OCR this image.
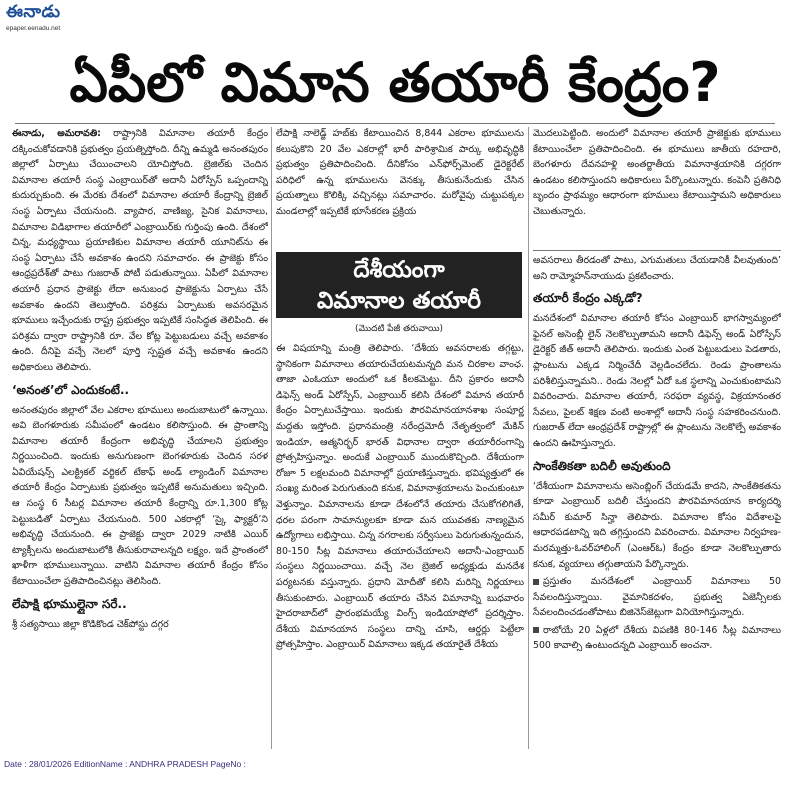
ఈనాడు
epaper.eenadu.net
ఏపీలో విమాన తయారీ కేంద్రం?

ఈనాడు, అమరావతి: రాష్ట్రానికి విమానాల తయారీ కేంద్రం దక్కించుకోవడానికి ప్రభుత్వం ప్రయత్నిస్తోంది. దీన్ని ఉమ్మడి అనంతపురం జిల్లాలో ఏర్పాటు చేయించాలని యోచిస్తోంది. బ్రెజిల్‌కు చెందిన విమానాల తయారీ సంస్థ ఎంబ్రాయిర్‌తో అదానీ ఏరోస్పేస్ ఒప్పందాన్ని కుదుర్చుకుంది. ఈ మేరకు దేశంలో విమానాల తయారీ కేంద్రాన్ని బ్రెజిల్ సంస్థ ఏర్పాటు చేయనుంది. వ్యాపార, వాణిజ్య, సైనిక విమానాలు, విమానాల విడిభాగాల తయారీలో ఎంబ్రాయిర్‌కు గుర్తింపు ఉంది. దేశంలో చిన్న, మధ్యస్థాయి ప్రయాణికుల విమానాల తయారీ యూనిట్‌ను ఈ సంస్థ ఏర్పాటు చేసే అవకాశం ఉందని సమాచారం. ఈ ప్రాజెక్టు కోసం ఆంధ్రప్రదేశ్‌తో పాటు గుజరాత్ పోటీ పడుతున్నాయి. ఏపీలో విమానాల తయారీ ప్రధాన ప్రాజెక్టు లేదా అనుబంధ ప్రాజెక్టును ఏర్పాటు చేసే అవకాశం ఉందని తెలుస్తోంది. పరిశ్రమ ఏర్పాటుకు అవసరమైన భూములు ఇచ్చేందుకు రాష్ట్ర ప్రభుత్వం ఇప్పటికే సంసిద్ధత తెలిపింది. ఈ పరిశ్రమ ద్వారా రాష్ట్రానికి రూ. వేల కోట్ల పెట్టుబడులు వచ్చే అవకాశం ఉంది. దీనిపై వచ్చే నెలలో పూర్తి స్పష్టత వచ్చే అవకాశం ఉందని అధికారులు తెలిపారు.

‘అనంత’లో ఎందుకంటే..

అనంతపురం జిల్లాలో వేల ఎకరాల భూములు అందుబాటులో ఉన్నాయి. అవి బెంగళూరుకు సమీపంలో ఉండటం కలిసొస్తుంది. ఈ ప్రాంతాన్ని విమానాల తయారీ కేంద్రంగా అభివృద్ధి చేయాలని ప్రభుత్వం నిర్ణయించింది. ఇందుకు అనుగుణంగా బెంగళూరుకు చెందిన సరళ ఏవియేషన్స్ ఎలక్ట్రికల్ వర్టికల్ టేకాఫ్ అండ్ ల్యాండింగ్ విమానాల తయారీ కేంద్రం ఏర్పాటుకు ప్రభుత్వం ఇప్పటికే అనుమతులు ఇచ్చింది. ఆ సంస్థ 6 సీటర్ల విమానాల తయారీ కేంద్రాన్ని రూ.1,300 కోట్ల పెట్టుబడితో ఏర్పాటు చేయనుంది. 500 ఎకరాల్లో ‘స్కై ఫ్యాక్టరీ’ని అభివృద్ధి చేయనుంది. ఈ ప్రాజెక్టు ద్వారా 2029 నాటికి ఎయిర్ ట్యాక్సీలను అందుబాటులోకి తీసుకురావాలన్నది లక్ష్యం. ఇదే ప్రాంతంలో ఖాళీగా భూములున్నాయి. వాటిని విమానాల తయారీ కేంద్రం కోసం కేటాయించేలా ప్రతిపాదించినట్లు తెలిసింది.

లేపాక్షి భూముల్లైనా సరే..

శ్రీ సత్యసాయి జిల్లా కొడికొండ చెక్‌పోస్టు దగ్గర

లేపాక్షి నాలెడ్జ్ హబ్‌కు కేటాయించిన 8,844 ఎకరాల భూములను కలుపుకొని 20 వేల ఎకరాల్లో భారీ పారిశ్రామిక పార్కు అభివృద్ధికి ప్రభుత్వం ప్రతిపాదించింది. దీనికోసం ఎన్‌ఫోర్స్‌మెంట్ డైరెక్టరేట్ పరిధిలో ఉన్న భూములను వెనక్కు తీసుకునేందుకు చేసిన ప్రయత్నాలు కొలిక్కి వచ్చినట్లు సమాచారం. మరోవైపు చుట్టుపక్కల మండలాల్లో ఇప్పటికే భూసేకరణ ప్రక్రియ

దేశీయంగా
విమానాల తయారీ
(మొదటి పేజీ తరువాయి)

ఈ విషయాన్ని మంత్రి తెలిపారు. ‘దేశీయ అవసరాలకు తగ్గట్టు, స్థానికంగా విమానాలు తయారుచేయటమన్నది మన చిరకాల వాంఛ. తాజా ఎంఓయూ అందులో ఒక కీలకమెట్టు. దీని ప్రకారం అదానీ డిఫెన్స్ అండ్ ఏరోస్పేస్, ఎంబ్రాయిర్ కలిసి దేశంలో విమాన తయారీ కేంద్రం ఏర్పాటుచేస్తాయి. ఇందుకు పౌరవిమానయానశాఖ సంపూర్ణ మద్దతు ఇస్తోంది. ప్రధానమంత్రి నరేంద్రమోదీ నేతృత్వంలో మేకిన్ ఇండియా, ఆత్మనిర్భర్ భారత్ విధానాల ద్వారా తయారీరంగాన్ని ప్రోత్సహిస్తున్నాం. అందుకే ఎంబ్రాయిర్ ముందుకొచ్చింది. దేశీయంగా రోజూ 5 లక్షలమంది విమానాల్లో ప్రయాణిస్తున్నారు. భవిష్యత్తులో ఈ సంఖ్య మరింత పెరుగుతుంది కనుక, విమానాశ్రయాలను పెంచుకుంటూ వెళ్తున్నాం. విమానాలను కూడా దేశంలోనే తయారు చేసుకోగలిగితే, ధరల పరంగా సామాన్యులకూ కూడా మన యువతకు నాణ్యమైన ఉద్యోగాలు లభిస్తాయి. చిన్న నగరాలకు సర్వీసులు పెరుగుతున్నందున, 80-150 సీట్ల విమానాలు తయారుచేయాలని అదానీ-ఎంబ్రాయిర్ సంస్థలు నిర్ణయించాయి. వచ్చే నెల బ్రెజిల్ అధ్యక్షుడు మనదేశ పర్యటనకు వస్తున్నారు. ప్రధాని మోదీతో కలిసి మరిన్ని నిర్ణయాలు తీసుకుంటారు. ఎంబ్రాయిర్ తయారు చేసిన విమానాన్ని బుధవారం హైదరాబాద్‌లో ప్రారంభమయ్యే వింగ్స్ ఇండియాషోలో ప్రదర్శిస్తాం. దేశీయ విమానయాన సంస్థలు దాన్ని చూసి, ఆర్డర్లు పెట్టేలా ప్రోత్సహిస్తాం. ఎంబ్రాయిర్ విమానాలు ఇక్కడ తయారైతే దేశీయ

మొదలుపెట్టింది. అందులో విమానాల తయారీ ప్రాజెక్టుకు భూములు కేటాయించేలా ప్రతిపాదించింది. ఈ భూములు జాతీయ రహదారి, బెంగళూరు దేవనహళ్లి అంతర్జాతీయ విమానాశ్రయానికి దగ్గరగా ఉండటం కలిసొస్తుందని అధికారులు పేర్కొంటున్నారు. కంపెనీ ప్రతినిధి బృందం ప్రాథమ్యం ఆధారంగా భూములు కేటాయిస్తామని అధికారులు చెబుతున్నారు.

అవసరాలు తీరడంతో పాటు, ఎగుమతులు చేయడానికీ వీలవుతుంది’ అని రామ్మోహన్‌నాయుడు ప్రకటించారు.

తయారీ కేంద్రం ఎక్కడో?

మనదేశంలో విమానాల తయారీ కోసం ఎంబ్రాయిర్ భాగస్వామ్యంలో ఫైనల్ అసెంబ్లీ లైన్ నెలకొల్పుతామని అదానీ డిఫెన్స్ అండ్ ఏరోస్పేస్ డైరెక్టర్ జీత్ అదానీ తెలిపారు. ఇందుకు ఎంత పెట్టుబడులు పెడతారు, ప్లాంటును ఎక్కడ నిర్మించేదీ వెల్లడించలేదు. రెండు ప్రాంతాలను పరిశీలిస్తున్నామని.. రెండు నెలల్లో ఏదో ఒక స్థలాన్ని ఎంచుకుంటామని వివరించారు. విమానాల తయారీ, సరఫరా వ్యవస్థ, విక్రయానంతర సేవలు, పైలట్ శిక్షణ వంటి అంశాల్లో అదానీ సంస్థ సహకరించనుంది. గుజరాత్ లేదా ఆంధ్రప్రదేశ్ రాష్ట్రాల్లో ఈ ప్లాంటును నెలకొల్పే అవకాశం ఉందని ఊహిస్తున్నారు.

సాంకేతికతా బదిలీ అవుతుంది

‘దేశీయంగా విమానాలను అసెంబ్లింగ్ చేయడమే కాదని, సాంకేతికతను కూడా ఎంబ్రాయిర్ బదిలీ చేస్తుందని పౌరవిమానయాన కార్యదర్శి సమీర్ కుమార్ సిన్హా తెలిపారు. విమానాల కోసం విదేశాలపై ఆధారపడటాన్ని ఇది తగ్గిస్తుందని వివరించారు. విమానాల నిర్వహణ-మరమ్మత్తు-ఓవర్‌హాలింగ్ (ఎంఆర్‌ఓ) కేంద్రం కూడా నెలకొల్పుతారు కనుక, వ్యయాలు తగ్గుతాయని పేర్కొన్నారు.

ప్రస్తుతం మనదేశంలో ఎంబ్రాయిర్ విమానాలు 50 సేవలందిస్తున్నాయి. వైమానికదళం, ప్రభుత్వ ఏజెన్సీలకు సేవలందించడంతోపాటు బిజినెస్‌జెట్లుగా వినియోగిస్తున్నారు.

రాబోయే 20 ఏళ్లలో దేశీయ విపణికి 80-146 సీట్ల విమానాలు 500 కావాల్సి ఉంటుందన్నది ఎంబ్రాయిర్ అంచనా.

Date : 28/01/2026 EditionName : ANDHRA PRADESH PageNo :
